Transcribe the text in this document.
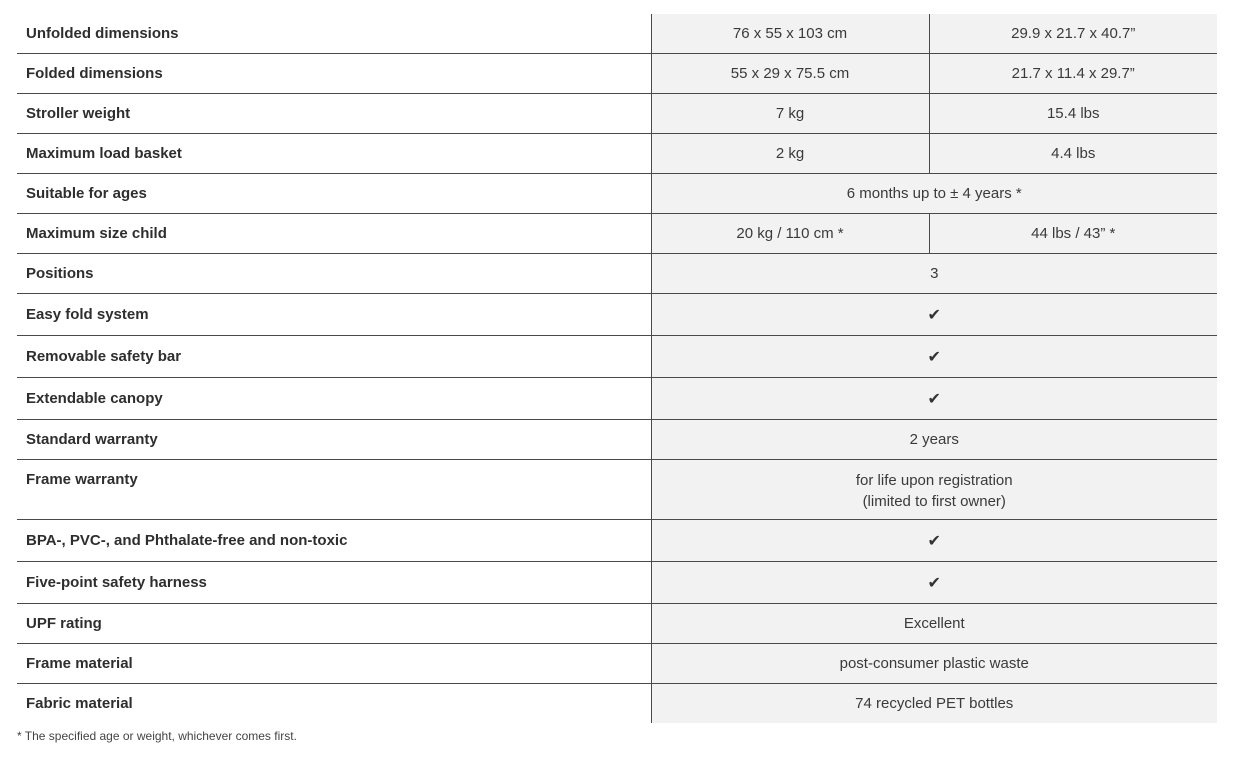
Unfolded dimensions	76 x 55 x 103 cm	29.9 x 21.7 x 40.7”
Folded dimensions	55 x 29 x 75.5 cm	21.7 x 11.4 x 29.7”
Stroller weight	7 kg	15.4 lbs
Maximum load basket	2 kg	4.4 lbs
Suitable for ages	6 months up to ± 4 years *	
Maximum size child	20 kg / 110 cm *	44 lbs / 43” *
Positions	3	
Easy fold system	✔	
Removable safety bar	✔	
Extendable canopy	✔	
Standard warranty	2 years	
Frame warranty	for life upon registration
(limited to first owner)	

BPA-, PVC-, and Phthalate-free and non-toxic	✔	
Five-point safety harness	✔	
UPF rating	Excellent	
Frame material	post-consumer plastic waste	
Fabric material	74 recycled PET bottles	
* The specified age or weight, whichever comes first.
